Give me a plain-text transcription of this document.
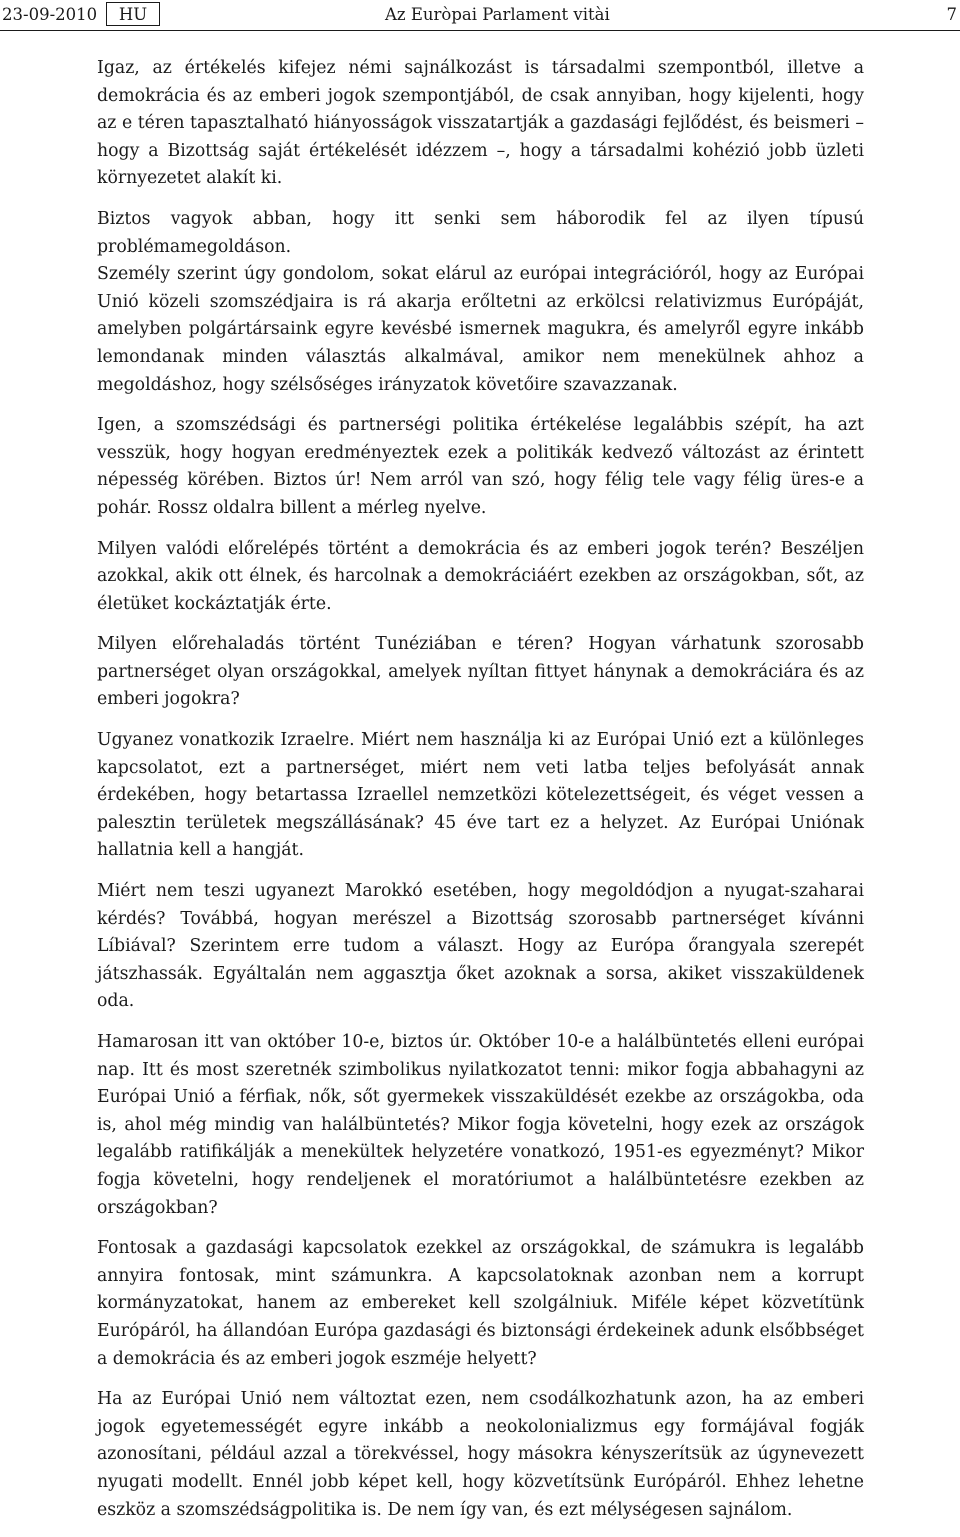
23-09-2010	HU	Az Euròpai Parlament vitài	7

Igaz, az értékelés kifejez némi sajnálkozást is társadalmi szempontból, illetve a demokrácia és az emberi jogok szempontjából, de csak annyiban, hogy kijelenti, hogy az e téren tapasztalható hiányosságok visszatartják a gazdasági fejlődést, és beismeri – hogy a Bizottság saját értékelését idézzem –, hogy a társadalmi kohézió jobb üzleti környezetet alakít ki.

Biztos vagyok abban, hogy itt senki sem háborodik fel az ilyen típusú problémamegoldáson.

Személy szerint úgy gondolom, sokat elárul az európai integrációról, hogy az Európai Unió közeli szomszédjaira is rá akarja erőltetni az erkölcsi relativizmus Európáját, amelyben polgártársaink egyre kevésbé ismernek magukra, és amelyről egyre inkább lemondanak minden választás alkalmával, amikor nem menekülnek ahhoz a megoldáshoz, hogy szélsőséges irányzatok követőire szavazzanak.

Igen, a szomszédsági és partnerségi politika értékelése legalábbis szépít, ha azt vesszük, hogy hogyan eredményeztek ezek a politikák kedvező változást az érintett népesség körében. Biztos úr! Nem arról van szó, hogy félig tele vagy félig üres-e a pohár. Rossz oldalra billent a mérleg nyelve.

Milyen valódi előrelépés történt a demokrácia és az emberi jogok terén? Beszéljen azokkal, akik ott élnek, és harcolnak a demokráciáért ezekben az országokban, sőt, az életüket kockáztatják érte.

Milyen előrehaladás történt Tunéziában e téren? Hogyan várhatunk szorosabb partnerséget olyan országokkal, amelyek nyíltan fittyet hánynak a demokráciára és az emberi jogokra?

Ugyanez vonatkozik Izraelre. Miért nem használja ki az Európai Unió ezt a különleges kapcsolatot, ezt a partnerséget, miért nem veti latba teljes befolyását annak érdekében, hogy betartassa Izraellel nemzetközi kötelezettségeit, és véget vessen a palesztin területek megszállásának? 45 éve tart ez a helyzet. Az Európai Uniónak hallatnia kell a hangját.

Miért nem teszi ugyanezt Marokkó esetében, hogy megoldódjon a nyugat-szaharai kérdés? Továbbá, hogyan merészel a Bizottság szorosabb partnerséget kívánni Líbiával? Szerintem erre tudom a választ. Hogy az Európa őrangyala szerepét játszhassák. Egyáltalán nem aggasztja őket azoknak a sorsa, akiket visszaküldenek oda.

Hamarosan itt van október 10-e, biztos úr. Október 10-e a halálbüntetés elleni európai nap. Itt és most szeretnék szimbolikus nyilatkozatot tenni: mikor fogja abbahagyni az Európai Unió a férfiak, nők, sőt gyermekek visszaküldését ezekbe az országokba, oda is, ahol még mindig van halálbüntetés? Mikor fogja követelni, hogy ezek az országok legalább ratifikálják a menekültek helyzetére vonatkozó, 1951-es egyezményt? Mikor fogja követelni, hogy rendeljenek el moratóriumot a halálbüntetésre ezekben az országokban?

Fontosak a gazdasági kapcsolatok ezekkel az országokkal, de számukra is legalább annyira fontosak, mint számunkra. A kapcsolatoknak azonban nem a korrupt kormányzatokat, hanem az embereket kell szolgálniuk. Miféle képet közvetítünk Európáról, ha állandóan Európa gazdasági és biztonsági érdekeinek adunk elsőbbséget a demokrácia és az emberi jogok eszméje helyett?

Ha az Európai Unió nem változtat ezen, nem csodálkozhatunk azon, ha az emberi jogok egyetemességét egyre inkább a neokolonializmus egy formájával fogják azonosítani, például azzal a törekvéssel, hogy másokra kényszerítsük az úgynevezett nyugati modellt. Ennél jobb képet kell, hogy közvetítsünk Európáról. Ehhez lehetne eszköz a szomszédságpolitika is. De nem így van, és ezt mélységesen sajnálom.
